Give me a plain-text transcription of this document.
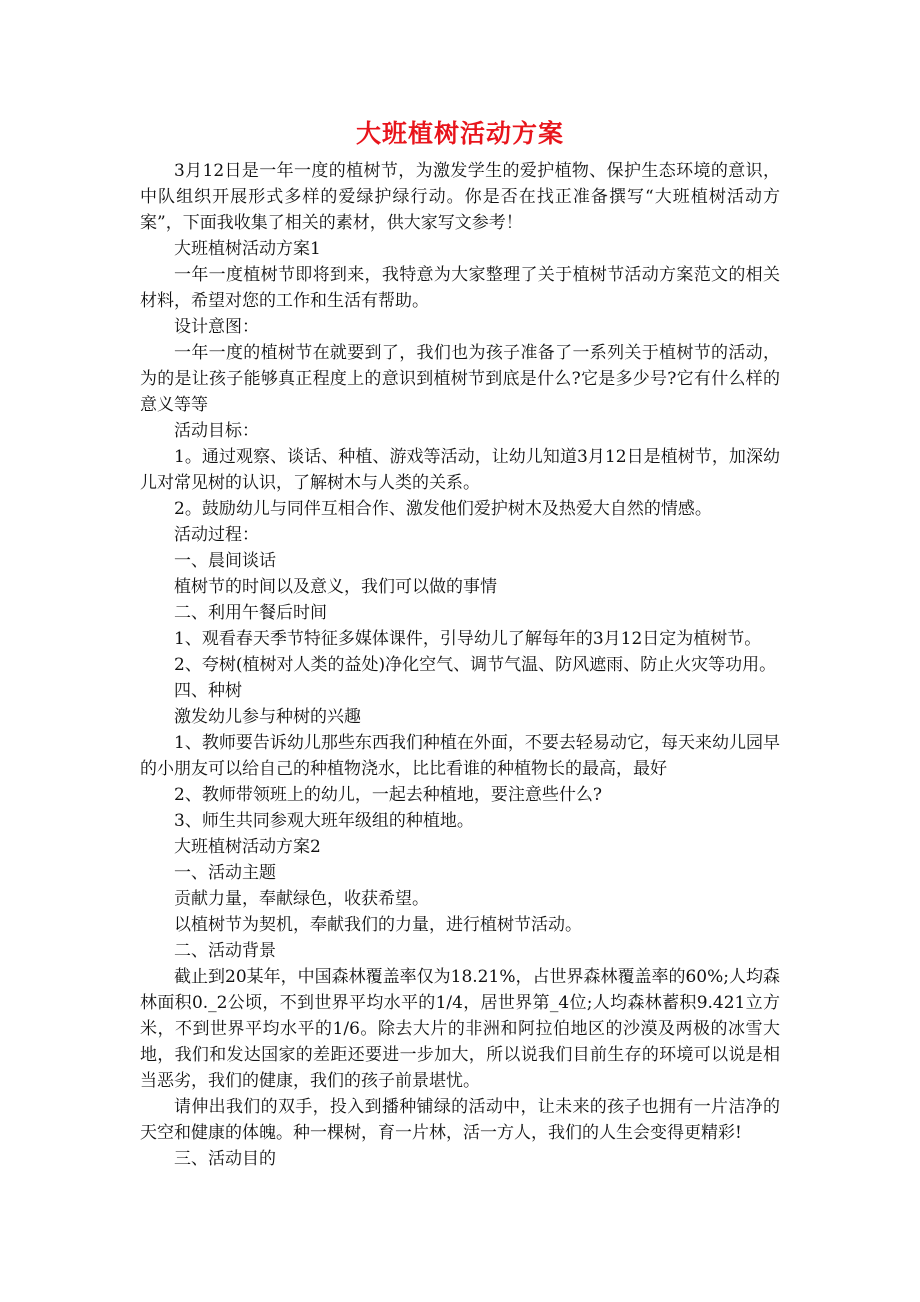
大班植树活动方案

3月12日是一年一度的植树节，为激发学生的爱护植物、保护生态环境的意识，中队组织开展形式多样的爱绿护绿行动。你是否在找正准备撰写“大班植树活动方案”，下面我收集了相关的素材，供大家写文参考！

大班植树活动方案1

一年一度植树节即将到来，我特意为大家整理了关于植树节活动方案范文的相关材料，希望对您的工作和生活有帮助。

设计意图：

一年一度的植树节在就要到了，我们也为孩子准备了一系列关于植树节的活动，为的是让孩子能够真正程度上的意识到植树节到底是什么?它是多少号?它有什么样的意义等等

活动目标：

1。通过观察、谈话、种植、游戏等活动，让幼儿知道3月12日是植树节，加深幼儿对常见树的认识，了解树木与人类的关系。

2。鼓励幼儿与同伴互相合作、激发他们爱护树木及热爱大自然的情感。

活动过程：

一、晨间谈话

植树节的时间以及意义，我们可以做的事情

二、利用午餐后时间

1、观看春天季节特征多媒体课件，引导幼儿了解每年的3月12日定为植树节。

2、夸树(植树对人类的益处)净化空气、调节气温、防风遮雨、防止火灾等功用。

四、种树

激发幼儿参与种树的兴趣

1、教师要告诉幼儿那些东西我们种植在外面，不要去轻易动它，每天来幼儿园早的小朋友可以给自己的种植物浇水，比比看谁的种植物长的最高，最好

2、教师带领班上的幼儿，一起去种植地，要注意些什么?

3、师生共同参观大班年级组的种植地。

大班植树活动方案2

一、活动主题

贡献力量，奉献绿色，收获希望。

以植树节为契机，奉献我们的力量，进行植树节活动。

二、活动背景

截止到20某年，中国森林覆盖率仅为18.21%，占世界森林覆盖率的60%;人均森林面积0._2公顷，不到世界平均水平的1/4，居世界第_4位;人均森林蓄积9.421立方米，不到世界平均水平的1/6。除去大片的非洲和阿拉伯地区的沙漠及两极的冰雪大地，我们和发达国家的差距还要进一步加大，所以说我们目前生存的环境可以说是相当恶劣，我们的健康，我们的孩子前景堪忧。

请伸出我们的双手，投入到播种铺绿的活动中，让未来的孩子也拥有一片洁净的天空和健康的体魄。种一棵树，育一片林，活一方人，我们的人生会变得更精彩!

三、活动目的
